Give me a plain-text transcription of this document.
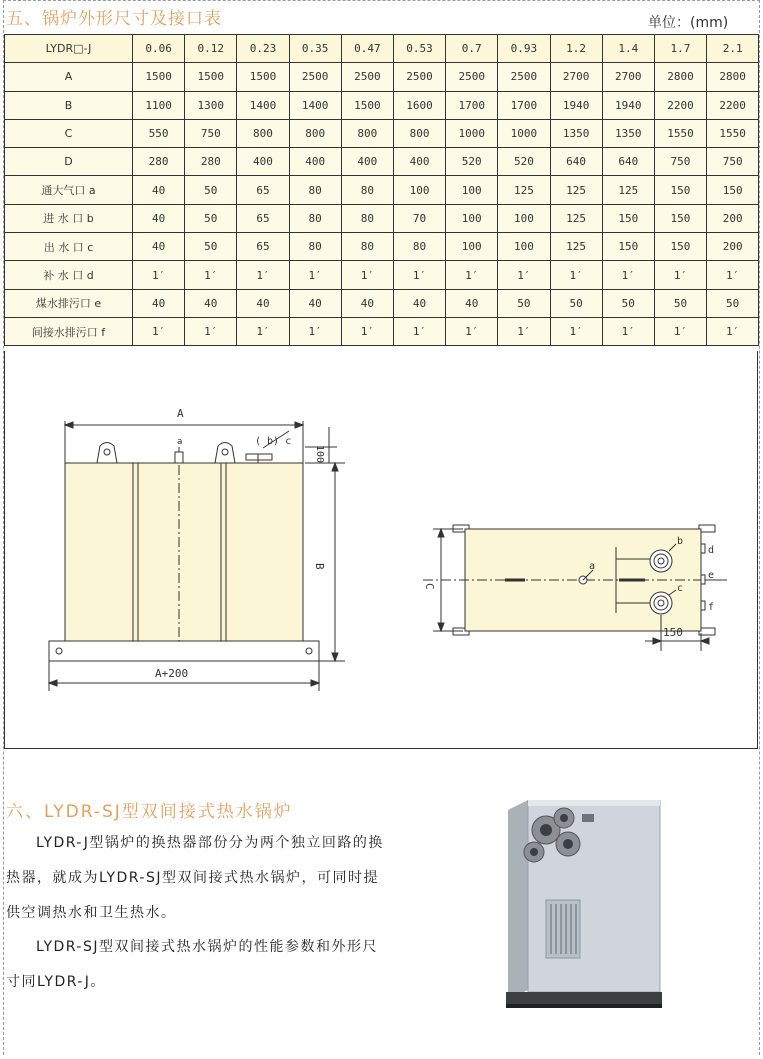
五、锅炉外形尺寸及接口表	单位：(mm)
LYDR□-J	0.06	0.12	0.23	0.35	0.47	0.53	0.7	0.93	1.2	1.4	1.7	2.1
A	1500	1500	1500	2500	2500	2500	2500	2500	2700	2700	2800	2800
B	1100	1300	1400	1400	1500	1600	1700	1700	1940	1940	2200	2200
C	550	750	800	800	800	800	1000	1000	1350	1350	1550	1550
D	280	280	400	400	400	400	520	520	640	640	750	750
通大气口 a	40	50	65	80	80	100	100	125	125	125	150	150
进 水 口 b	40	50	65	80	80	70	100	100	125	150	150	200
出 水 口 c	40	50	65	80	80	80	100	100	125	150	150	200
补 水 口 d	1′	1′	1′	1′	1′	1′	1′	1′	1′	1′	1′	1′
煤水排污口 e	40	40	40	40	40	40	40	50	50	50	50	50
间接水排污口 f	1′	1′	1′	1′	1′	1′	1′	1′	1′	1′	1′	1′
A
a	( b) c
100
B
A+200
C
a
b
c
d
e
f
150
六、LYDR-SJ型双间接式热水锅炉
LYDR-J型锅炉的换热器部份分为两个独立回路的换热器，就成为LYDR-SJ型双间接式热水锅炉，可同时提供空调热水和卫生热水。
LYDR-SJ型双间接式热水锅炉的性能参数和外形尺寸同LYDR-J。
